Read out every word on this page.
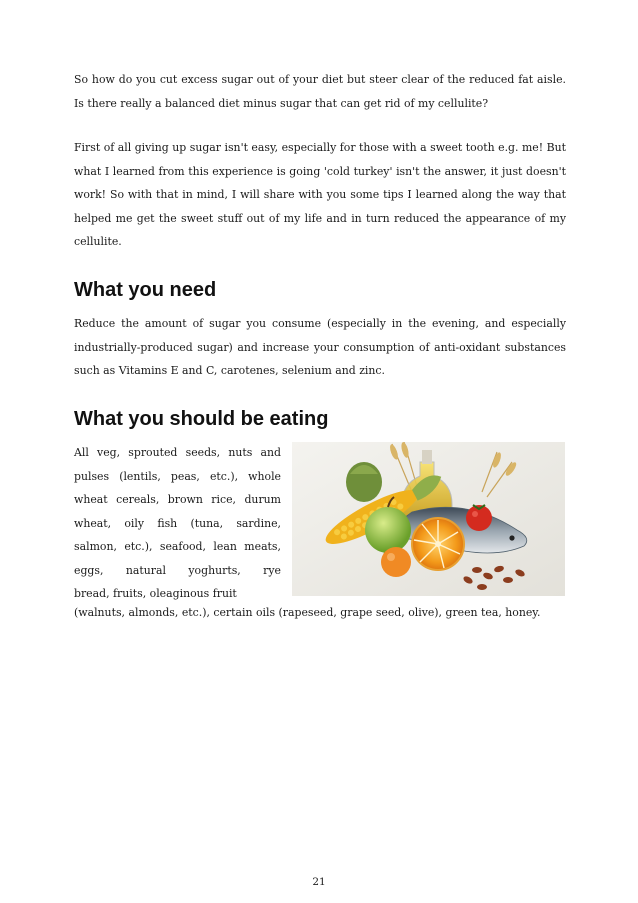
So how do you cut excess sugar out of your diet but steer clear of the reduced fat aisle. Is there really a balanced diet minus sugar that can get rid of my cellulite?
First of all giving up sugar isn't easy, especially for those with a sweet tooth e.g. me! But what I learned from this experience is going 'cold turkey' isn't the answer, it just doesn't work! So with that in mind, I will share with you some tips I learned along the way that helped me get the sweet stuff out of my life and in turn reduced the appearance of my cellulite.
What you need
Reduce the amount of sugar you consume (especially in the evening, and especially industrially-produced sugar) and increase your consumption of anti-oxidant substances such as Vitamins E and C, carotenes, selenium and zinc.
What you should be eating
All veg, sprouted seeds, nuts and
pulses (lentils, peas, etc.), whole
wheat cereals, brown rice, durum
wheat, oily fish (tuna, sardine,
salmon, etc.), seafood, lean meats,
eggs, natural yoghurts, rye
bread, fruits, oleaginous fruit
(walnuts, almonds, etc.), certain oils (rapeseed, grape seed, olive), green tea, honey.
21
